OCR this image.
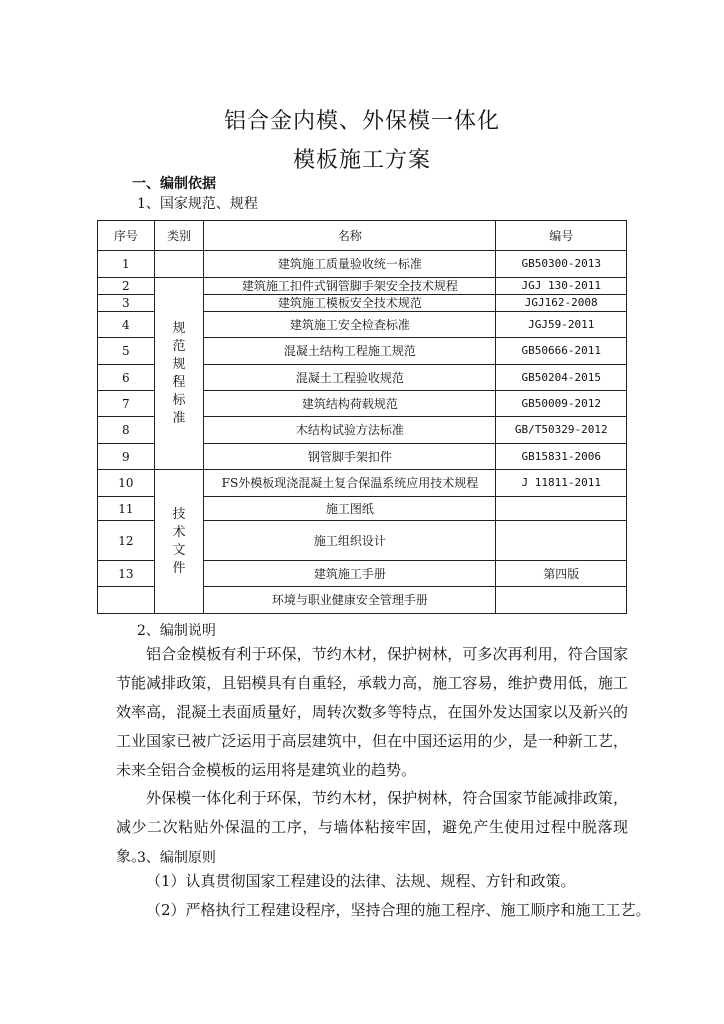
铝合金内模、外保模一体化
模板施工方案
一、编制依据
1、国家规范、规程
序号	类别	名称	编号
1		建筑施工质量验收统一标准	GB50300-2013
2	规范规程标准	建筑施工扣件式钢管脚手架安全技术规程	JGJ 130-2011
3		建筑施工模板安全技术规范	JGJ162-2008
4		建筑施工安全检查标准	JGJ59-2011
5		混凝土结构工程施工规范	GB50666-2011
6		混凝土工程验收规范	GB50204-2015
7		建筑结构荷载规范	GB50009-2012
8		木结构试验方法标准	GB/T50329-2012
9		钢管脚手架扣件	GB15831-2006
10	技术文件	FS外模板现浇混凝土复合保温系统应用技术规程	J 11811-2011
11		施工图纸	
12		施工组织设计	
13		建筑施工手册	第四版
		环境与职业健康安全管理手册	
2、编制说明
铝合金模板有利于环保，节约木材，保护树林，可多次再利用，符合国家节能减排政策，且铝模具有自重轻，承载力高，施工容易，维护费用低，施工效率高，混凝土表面质量好，周转次数多等特点，在国外发达国家以及新兴的工业国家已被广泛运用于高层建筑中，但在中国还运用的少，是一种新工艺，未来全铝合金模板的运用将是建筑业的趋势。
外保模一体化利于环保，节约木材，保护树林，符合国家节能减排政策，减少二次粘贴外保温的工序，与墙体粘接牢固，避免产生使用过程中脱落现象。
3、编制原则
（1）认真贯彻国家工程建设的法律、法规、规程、方针和政策。
（2）严格执行工程建设程序，坚持合理的施工程序、施工顺序和施工工艺。
